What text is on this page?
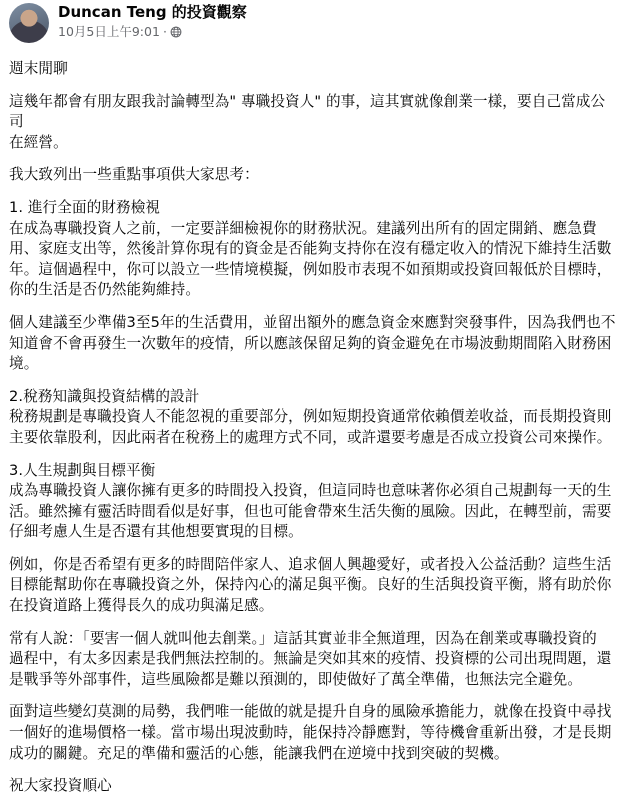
Duncan Teng 的投資觀察
10月5日上午9:01 ·

週末閒聊

這幾年都會有朋友跟我討論轉型為" 專職投資人" 的事，這其實就像創業一樣，要自己當成公司

在經營。

我大致列出一些重點事項供大家思考：

1. 進行全面的財務檢視

在成為專職投資人之前，一定要詳細檢視你的財務狀況。建議列出所有的固定開銷、應急費

用、家庭支出等，然後計算你現有的資金是否能夠支持你在沒有穩定收入的情況下維持生活數

年。這個過程中，你可以設立一些情境模擬，例如股市表現不如預期或投資回報低於目標時，

你的生活是否仍然能夠維持。

個人建議至少準備3至5年的生活費用，並留出額外的應急資金來應對突發事件，因為我們也不

知道會不會再發生一次數年的疫情，所以應該保留足夠的資金避免在市場波動期間陷入財務困

境。

2.稅務知識與投資結構的設計

稅務規劃是專職投資人不能忽視的重要部分，例如短期投資通常依賴價差收益，而長期投資則

主要依靠股利，因此兩者在稅務上的處理方式不同，或許還要考慮是否成立投資公司來操作。

3.人生規劃與目標平衡

成為專職投資人讓你擁有更多的時間投入投資，但這同時也意味著你必須自己規劃每一天的生

活。雖然擁有靈活時間看似是好事，但也可能會帶來生活失衡的風險。因此，在轉型前，需要

仔細考慮人生是否還有其他想要實現的目標。

例如，你是否希望有更多的時間陪伴家人、追求個人興趣愛好，或者投入公益活動？這些生活

目標能幫助你在專職投資之外，保持內心的滿足與平衡。良好的生活與投資平衡，將有助於你

在投資道路上獲得長久的成功與滿足感。

常有人說：「要害一個人就叫他去創業。」這話其實並非全無道理，因為在創業或專職投資的

過程中，有太多因素是我們無法控制的。無論是突如其來的疫情、投資標的公司出現問題，還

是戰爭等外部事件，這些風險都是難以預測的，即使做好了萬全準備，也無法完全避免。

面對這些變幻莫測的局勢，我們唯一能做的就是提升自身的風險承擔能力，就像在投資中尋找

一個好的進場價格一樣。當市場出現波動時，能保持冷靜應對，等待機會重新出發，才是長期

成功的關鍵。充足的準備和靈活的心態，能讓我們在逆境中找到突破的契機。

祝大家投資順心
